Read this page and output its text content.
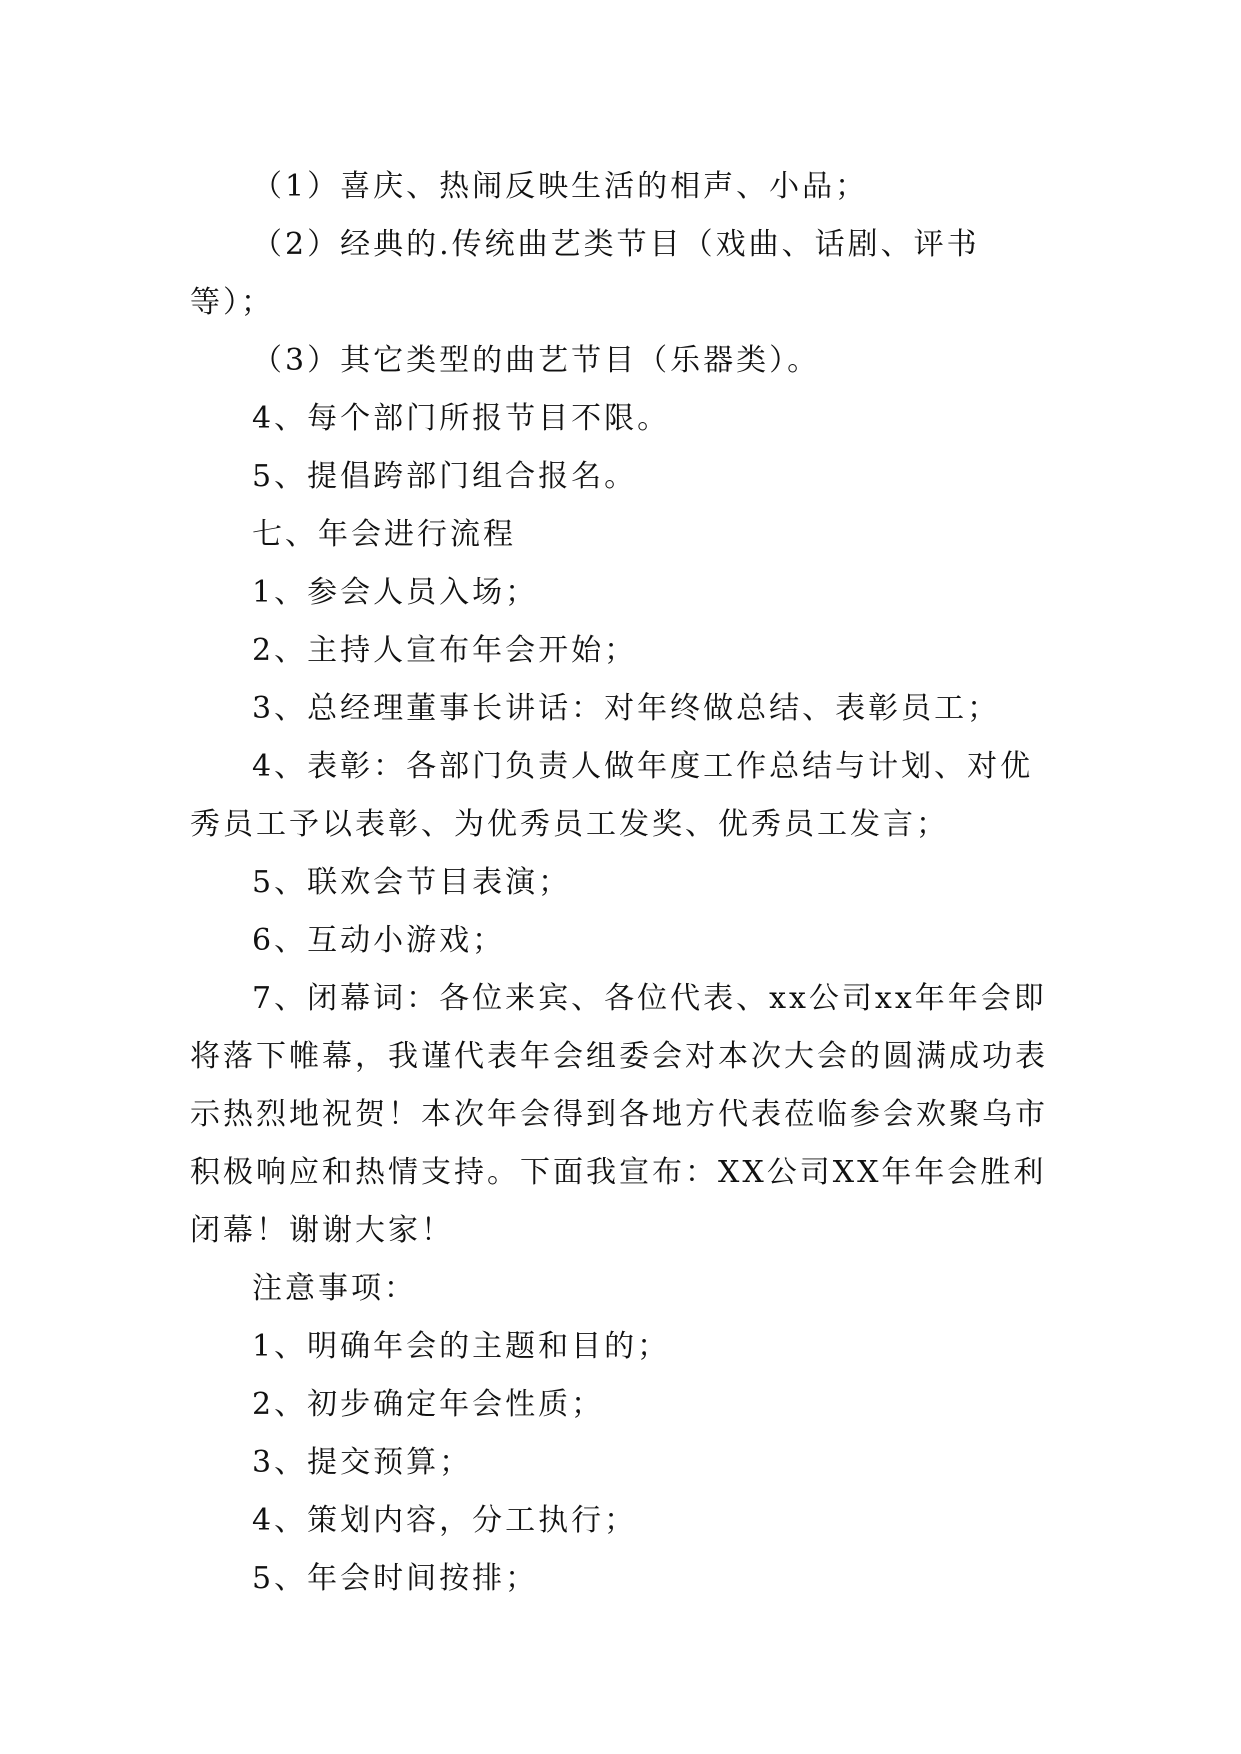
（1）喜庆、热闹反映生活的相声、小品；

（2）经典的.传统曲艺类节目（戏曲、话剧、评书等）；

（3）其它类型的曲艺节目（乐器类）。

4、每个部门所报节目不限。

5、提倡跨部门组合报名。

七、年会进行流程

1、参会人员入场；

2、主持人宣布年会开始；

3、总经理董事长讲话：对年终做总结、表彰员工；

4、表彰：各部门负责人做年度工作总结与计划、对优秀员工予以表彰、为优秀员工发奖、优秀员工发言；

5、联欢会节目表演；

6、互动小游戏；

7、闭幕词：各位来宾、各位代表、xx公司xx年年会即将落下帷幕，我谨代表年会组委会对本次大会的圆满成功表示热烈地祝贺！本次年会得到各地方代表莅临参会欢聚乌市积极响应和热情支持。下面我宣布：XX公司XX年年会胜利闭幕！谢谢大家！

注意事项：

1、明确年会的主题和目的；

2、初步确定年会性质；

3、提交预算；

4、策划内容，分工执行；

5、年会时间按排；
